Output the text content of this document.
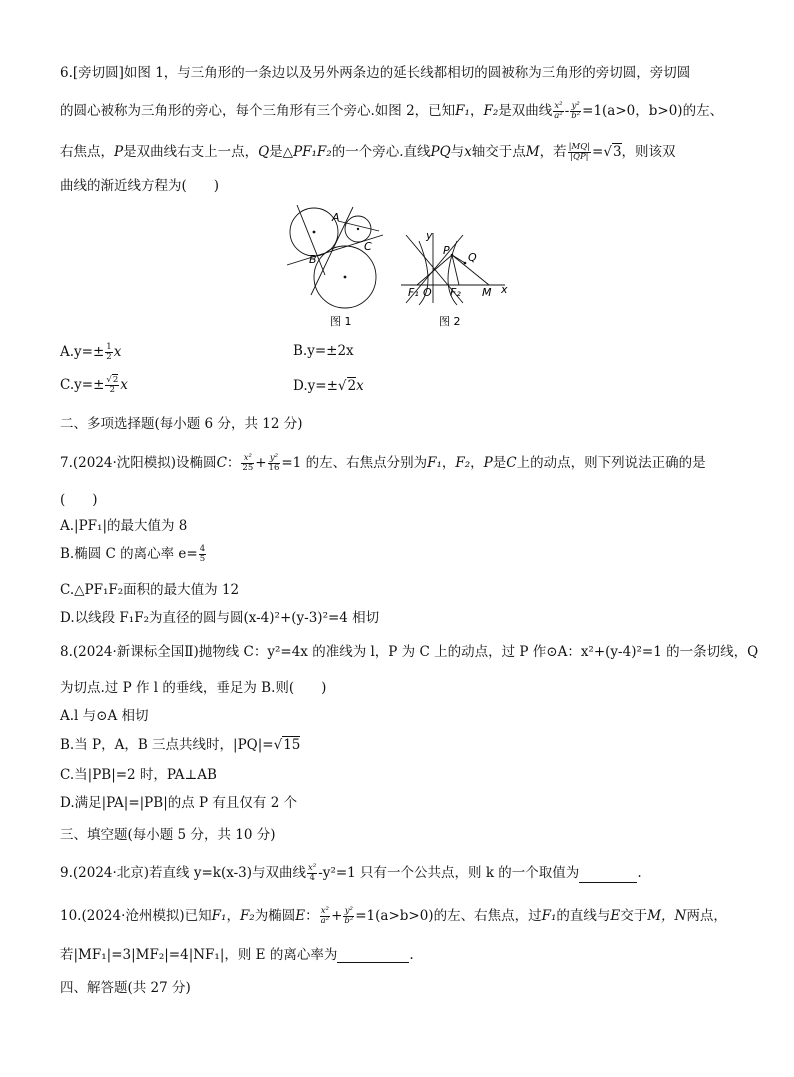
6.[旁切圆]如图 1，与三角形的一条边以及另外两条边的延长线都相切的圆被称为三角形的旁切圆，旁切圆
的圆心被称为三角形的旁心，每个三角形有三个旁心.如图 2，已知F₁，F₂是双曲线 $\frac{\text{x²}}{\text{a²}} - \frac{\text{y²}}{\text{b²}} =1(a>0$，b>0)的左、
右焦点，P是双曲线右支上一点，Q是△PF₁F₂的一个旁心.直线PQ与x轴交于点M，若 $\frac{|MQ|}{|QP|} =√3$，则该双
曲线的渐近线方程为(　　)
A
B
C
图 1
y
P
Q
F₁ O F₂ M x
图 2
$A.y=\pm \frac{1}{2}$ x	B.y=±2x
$C.y=\pm \frac{√2}{2}$ x	D.y=±√2x
二、多项选择题(每小题 6 分，共 12 分)
7.(2024·沈阳模拟)设椭圆C： $\frac{\text{x²}}{25} + \frac{\text{y²}}{16} =1$ 的左、右焦点分别为F₁，F₂，P是C上的动点，则下列说法正确的是
(　　)
A.|PF₁|的最大值为 8
B.椭圆 C 的离心率 $e= \frac{4}{5}$
C.△PF₁F₂面积的最大值为 12
D.以线段 F₁F₂为直径的圆与圆(x-4)²+(y-3)²=4 相切
8.(2024·新课标全国Ⅱ)抛物线 C：y²=4x 的准线为 l，P 为 C 上的动点，过 P 作⊙A：x²+(y-4)²=1 的一条切线，Q
为切点.过 P 作 l 的垂线，垂足为 B.则(　　)
A.l 与⊙A 相切
B.当 P，A，B 三点共线时，|PQ|=√15
C.当|PB|=2 时，PA⊥AB
D.满足|PA|=|PB|的点 P 有且仅有 2 个
三、填空题(每小题 5 分，共 10 分)
9.(2024·北京)若直线 y=k(x-3)与双曲线 $\frac{\text{x²}}{4} -y^2=1$ 只有一个公共点，则 k 的一个取值为	.
10.(2024·沧州模拟)已知F₁，F₂为椭圆E： $\frac{\text{x²}}{\text{a²}} + \frac{\text{y²}}{\text{b²}} =1(a>b>0)$的左、右焦点，过F₁的直线与E交于M，N两点，
若|MF₁|=3|MF₂|=4|NF₁|，则 E 的离心率为	.
四、解答题(共 27 分)
